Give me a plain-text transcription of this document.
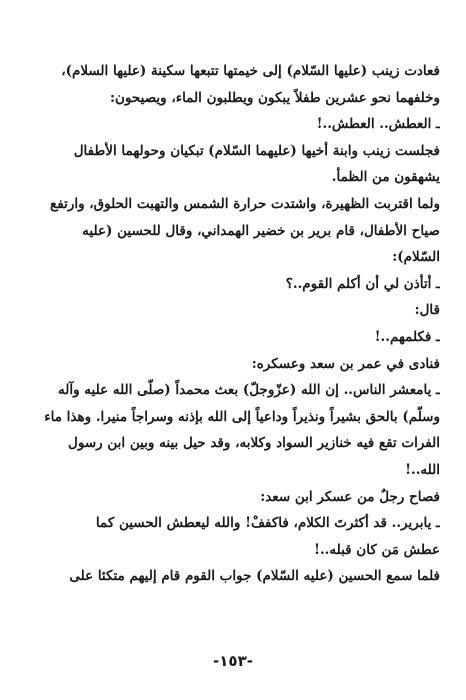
فعادت زينب (عليها السّلام) إلى خيمتها تتبعها سكينة (عليها السلام)،
وخلفهما نحو عشرين طفلاً يبكون ويطلبون الماء، ويصيحون:
ـ العطش.. العطش..!
فجلست زينب وابنة أخيها (عليهما السّلام) تبكيان وحولهما الأطفال
يشهقون من الظمأ.
ولما اقتربت الظهيرة، واشتدت حرارة الشمس والتهبت الحلوق، وارتفع
صياح الأطفال، قام برير بن خضير الهمداني، وقال للحسين (عليه
السّلام):
ـ أتأذن لي أن أكلم القوم..؟
قال:
ـ فكلمهم..!
فنادى في عمر بن سعد وعسكره:
ـ يامعشر الناس.. إن الله (عزّوجلّ) بعث محمداً (صلّى الله عليه وآله
وسلّم) بالحق بشيراً ونذيراً وداعياً إلى الله بإذنه وسراجاً منيرا. وهذا ماء
الفرات تقع فيه خنازير السواد وكلابه، وقد حيل بينه وبين ابن رسول
الله..!
فصاح رجلٌ من عسكر ابن سعد:
ـ يابرير.. قد أكثرتَ الكلام، فاكففْ! والله ليعطش الحسين كما
عطش مَن كان قبله..!
فلما سمع الحسين (عليه السّلام) جواب القوم قام إليهم متكئا على
-١٥٣-
